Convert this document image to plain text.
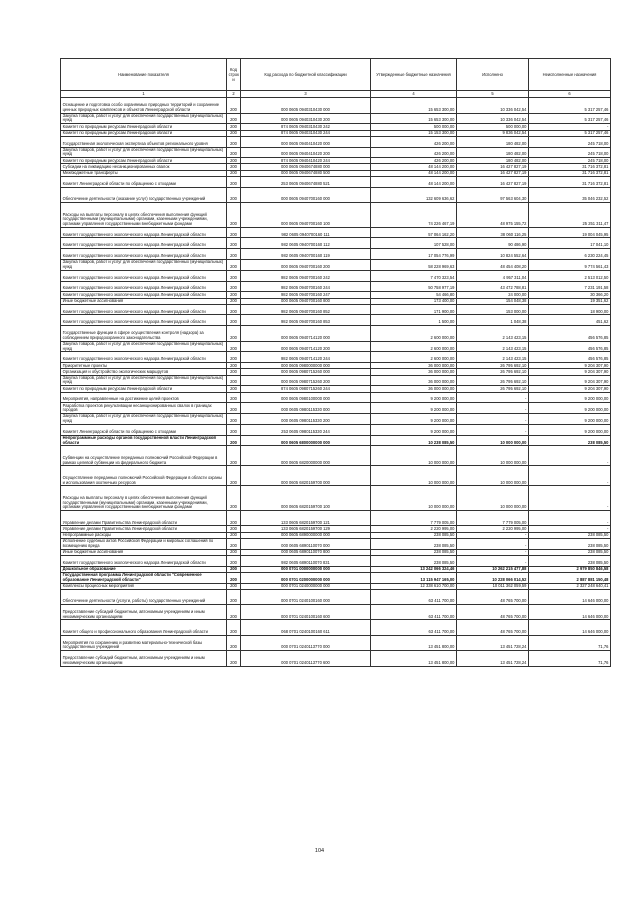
Наименование показателя	Код строк и	Код расхода по бюджетной классификации	Утвержденные бюджетные назначения	Исполнено	Неисполненные назначения
1	2	3	4	5	6
Оснащение и подготовка особо охраняемых природных территорий и сохранение ценных природных комплексов и объектов Ленинградской области	200	000 0605 0940310430 000	15 653 300,00	10 336 042,54	5 317 257,46
Закупка товаров, работ и услуг для обеспечения государственных (муниципальных) нужд	200	000 0605 0940310430 200	15 653 300,00	10 336 042,54	5 317 257,46
Комитет по природным ресурсам Ленинградской области	200	874 0605 0940310430 242	500 000,00	500 000,00	-
Комитет по природным ресурсам Ленинградской области	200	874 0605 0940310430 244	15 153 300,00	9 836 042,54	5 317 257,46
Государственная экологическая экспертиза объектов регионального уровня	200	000 0605 0940410420 000	426 200,00	180 482,00	245 718,00
Закупка товаров, работ и услуг для обеспечения государственных (муниципальных) нужд	200	000 0605 0940410420 200	426 200,00	180 482,00	245 718,00
Комитет по природным ресурсам Ленинградской области	200	874 0605 0940410420 244	426 200,00	180 482,00	245 718,00
Субсидии на ликвидацию несанкционированных свалок	200	000 0605 0940674880 000	48 144 200,00	16 427 827,19	31 716 372,81
Межбюджетные трансферты	200	000 0605 0940674880 500	48 144 200,00	16 427 827,19	31 716 372,81
Комитет Ленинградской области по обращению с отходами	200	253 0605 0940674880 521	48 144 200,00	16 427 827,19	31 716 372,81
Обеспечение деятельности (оказание услуг) государственных учреждений	200	000 0605 0940700160 000	132 609 636,62	97 563 604,30	35 046 232,52
Расходы на выплаты персоналу в целях обеспечения выполнения функций государственными (муниципальными) органами, казенными учреждениями, органами управления государственными внебюджетными фондами	200	000 0605 0940700160 100	74 226 467,19	48 975 155,72	25 251 311,47
Комитет государственного экологического надзора Ленинградской области	200	982 0605 0940700160 111	57 064 162,20	38 060 116,25	19 004 045,95
Комитет государственного экологического надзора Ленинградской области	200	982 0605 0940700160 112	107 528,00	90 486,90	17 041,10
Комитет государственного экологического надзора Ленинградской области	200	982 0605 0940700160 119	17 054 776,99	10 824 552,64	6 230 224,45
Закупка товаров, работ и услуг для обеспечения государственных (муниципальных) нужд	200	000 0605 0940700160 200	58 228 969,63	48 454 408,20	9 774 561,43
Комитет государственного экологического надзора Ленинградской области	200	982 0605 0940700160 242	7 470 323,54	4 957 311,04	2 513 012,50
Комитет государственного экологического надзора Ленинградской области	200	982 0605 0940700160 244	50 758 977,19	43 472 788,81	7 231 191,58
Комитет государственного экологического надзора Ленинградской области	200	982 0605 0940700160 247	54 466,80	24 000,00	30 366,20
Иные бюджетные ассигнования	200	000 0605 0940700160 800	173 400,00	154 048,38	19 351,62
Комитет государственного экологического надзора Ленинградской области	200	982 0605 0940700160 852	171 900,00	153 000,00	18 900,00
Комитет государственного экологического надзора Ленинградской области	200	982 0605 0940700160 853	1 500,00	1 048,38	451,62
Государственные функции в сфере осуществления контроля (надзора) за соблюдением природоохранного законодательства	200	000 0605 0940714120 000	2 600 000,00	2 143 423,15	456 576,85
Закупка товаров, работ и услуг для обеспечения государственных (муниципальных) нужд	200	000 0605 0940714120 200	2 600 000,00	2 143 423,15	456 576,85
Комитет государственного экологического надзора Ленинградской области	200	982 0605 0940714120 244	2 600 000,00	2 143 423,15	456 576,85
Приоритетные проекты	200	000 0605 0980000000 000	36 000 000,00	26 795 692,10	9 204 307,90
Организация и обустройство экологических маршрутов	200	000 0605 0980715260 000	36 000 000,00	26 795 692,10	9 204 307,90
Закупка товаров, работ и услуг для обеспечения государственных (муниципальных) нужд	200	000 0605 0980715260 200	36 000 000,00	26 795 692,10	9 204 307,90
Комитет по природным ресурсам Ленинградской области	200	874 0605 0980715260 244	36 000 000,00	26 795 692,10	9 204 307,90
Мероприятия, направленные на достижение целей проектов	200	000 0605 0980100000 000	9 200 000,00	-	9 200 000,00
Разработка проектов рекультивации несанкционированных свалок в границах городов	200	000 0605 0980115330 000	9 200 000,00	-	9 200 000,00
Закупка товаров, работ и услуг для обеспечения государственных (муниципальных) нужд	200	000 0605 0980115330 200	9 200 000,00	-	9 200 000,00
Комитет Ленинградской области по обращению с отходами	200	253 0605 0980115330 244	9 200 000,00	-	9 200 000,00
Непрограммные расходы органов государственной власти Ленинградской области	200	000 0605 6800000000 000	10 238 085,50	10 000 000,00	238 085,50
Субвенции на осуществление переданных полномочий Российской Федерации в рамках целевой субвенции из федерального бюджета	200	000 0605 6820000000 000	10 000 000,00	10 000 000,00	-
Осуществление переданных полномочий Российской Федерации в области охраны и использования охотничьих ресурсов	200	000 0605 6820159700 000	10 000 000,00	10 000 000,00	-
Расходы на выплаты персоналу в целях обеспечения выполнения функций государственными (муниципальными) органами, казенными учреждениями, органами управления государственными внебюджетными фондами	200	000 0605 6820159700 100	10 000 000,00	10 000 000,00	-
Управление делами Правительства Ленинградской области	200	133 0605 6820159700 121	7 779 005,00	7 779 005,00	-
Управление делами Правительства Ленинградской области	200	133 0605 6820159700 129	2 220 995,00	2 220 995,00	-
Непрограммные расходы	200	000 0605 6890000000 000	238 085,50	-	238 085,50
Исполнение судебных актов Российской Федерации и мировых соглашений по возмещению вреда	200	000 0605 6890110070 000	238 085,50	-	238 085,50
Иные бюджетные ассигнования	200	000 0605 6890110070 800	238 085,50	-	238 085,50
Комитет государственного экологического надзора Ленинградской области	200	982 0605 6890110070 831	238 085,50	-	238 085,50
Дошкольное образование	200	000 0701 0000000000 000	13 242 066 324,46	10 262 215 477,88	2 979 850 846,58
Государственная программа Ленинградской области "Современное образование Ленинградской области"	200	000 0701 0200000000 000	13 115 947 165,00	10 228 066 014,52	2 887 881 150,48
Комплексы процессных мероприятий	200	000 0701 0240000000 000	12 338 610 700,00	10 011 362 059,59	2 327 248 640,41
Обеспечение деятельности (услуги, работы) государственных учреждений	200	000 0701 0240100160 000	63 411 700,00	48 765 700,00	14 646 000,00
Предоставление субсидий бюджетным, автономным учреждениям и иным некоммерческим организациям	200	000 0701 0240100160 600	63 411 700,00	48 765 700,00	14 646 000,00
Комитет общего и профессионального образования Ленинградской области	200	068 0701 0240100160 611	63 411 700,00	48 765 700,00	14 646 000,00
Мероприятия по сохранению и развитию материально-технической базы государственных учреждений	200	000 0701 0240113770 000	13 451 800,00	13 451 728,24	71,76
Предоставление субсидий бюджетным, автономным учреждениям и иным некоммерческим организациям	200	000 0701 0240113770 600	13 451 800,00	13 451 728,24	71,76
104
